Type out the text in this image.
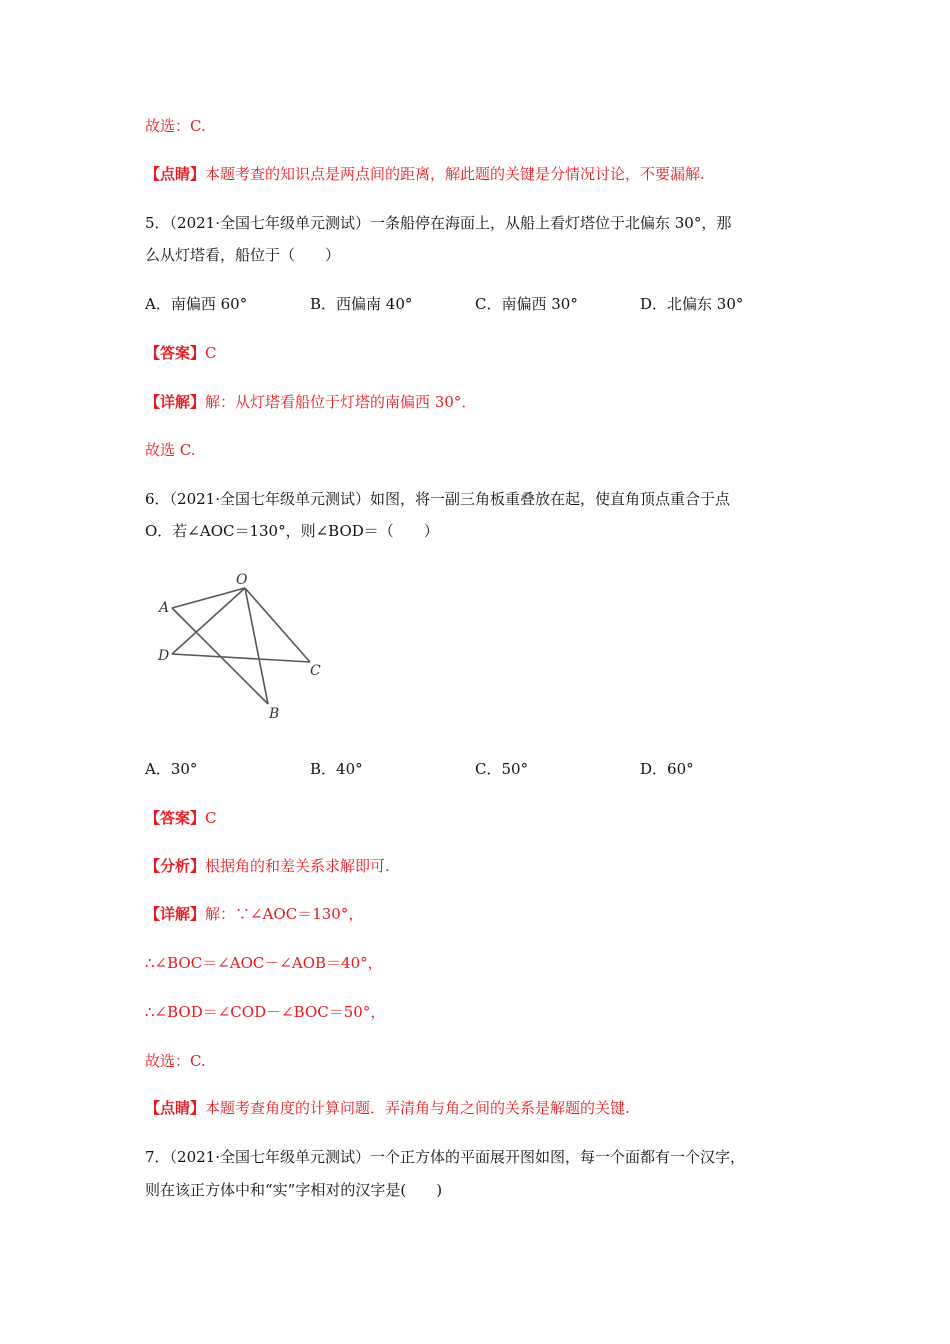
故选：C.
【点睛】本题考查的知识点是两点间的距离，解此题的关键是分情况讨论，不要漏解.
5．（2021·全国七年级单元测试）一条船停在海面上，从船上看灯塔位于北偏东 30°，那
么从灯塔看，船位于（　　）
A．南偏西 60°	B．西偏南 40°	C．南偏西 30°	D．北偏东 30°
【答案】C
【详解】解：从灯塔看船位于灯塔的南偏西 30°．
故选 C.
6．（2021·全国七年级单元测试）如图，将一副三角板重叠放在起，使直角顶点重合于点
O．若∠AOC＝130°，则∠BOD＝（　　）
O
A
D
C
B
A．30°	B．40°	C．50°	D．60°
【答案】C
【分析】根据角的和差关系求解即可.
【详解】解：∵∠AOC＝130°，
∴∠BOC＝∠AOC－∠AOB＝40°，
∴∠BOD＝∠COD－∠BOC＝50°，
故选：C.
【点睛】本题考查角度的计算问题．弄清角与角之间的关系是解题的关键.
7．（2021·全国七年级单元测试）一个正方体的平面展开图如图，每一个面都有一个汉字，
则在该正方体中和“实”字相对的汉字是(　　)
